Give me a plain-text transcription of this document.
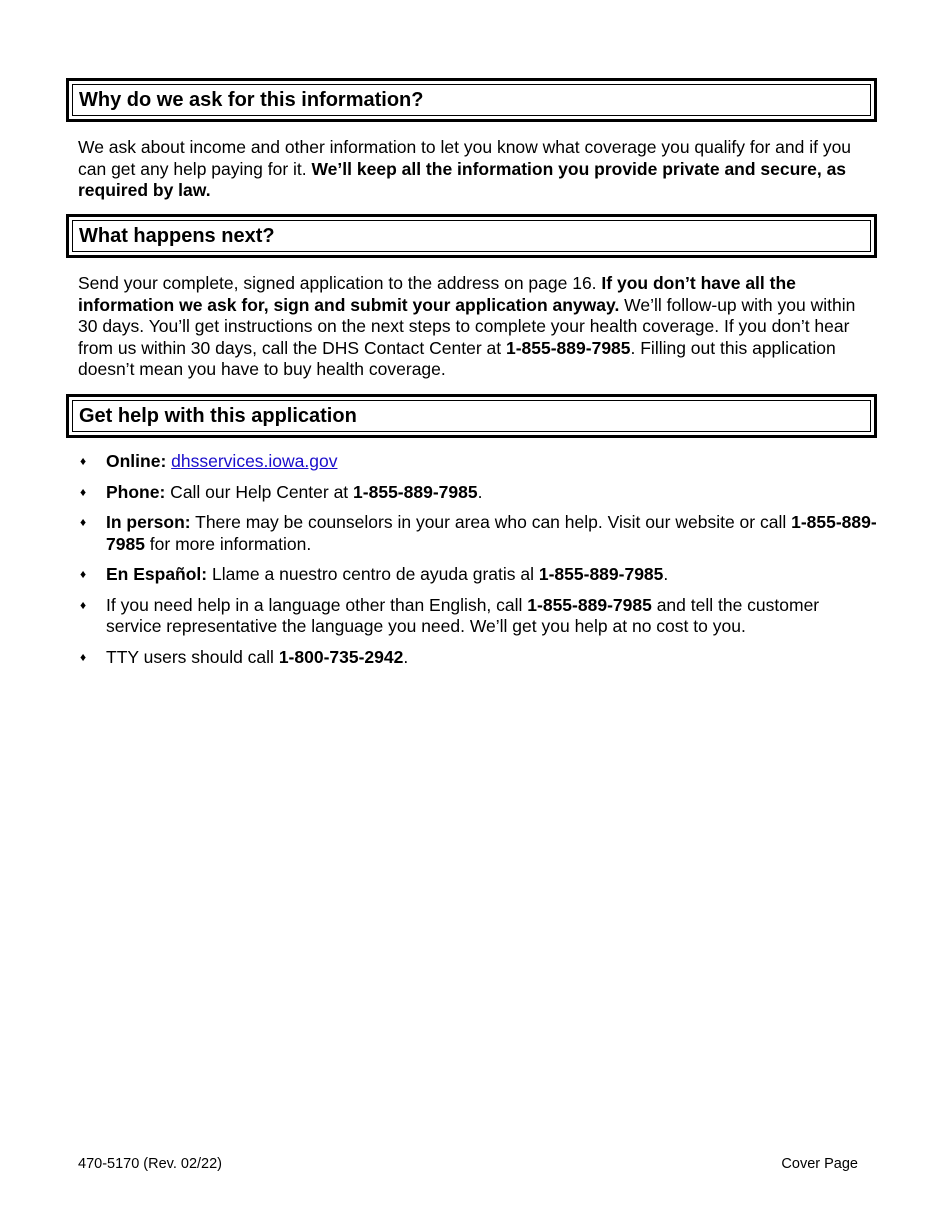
Why do we ask for this information?
We ask about income and other information to let you know what coverage you qualify for and if you can get any help paying for it. We’ll keep all the information you provide private and secure, as required by law.
What happens next?
Send your complete, signed application to the address on page 16. If you don’t have all the information we ask for, sign and submit your application anyway. We’ll follow-up with you within 30 days. You’ll get instructions on the next steps to complete your health coverage. If you don’t hear from us within 30 days, call the DHS Contact Center at 1-855-889-7985. Filling out this application doesn’t mean you have to buy health coverage.
Get help with this application
♦ Online: dhsservices.iowa.gov
♦ Phone: Call our Help Center at 1-855-889-7985.
♦ In person: There may be counselors in your area who can help. Visit our website or call 1-855-889-7985 for more information.
♦ En Español: Llame a nuestro centro de ayuda gratis al 1-855-889-7985.
♦ If you need help in a language other than English, call 1-855-889-7985 and tell the customer service representative the language you need. We’ll get you help at no cost to you.
♦ TTY users should call 1-800-735-2942.
470-5170 (Rev. 02/22)	Cover Page
